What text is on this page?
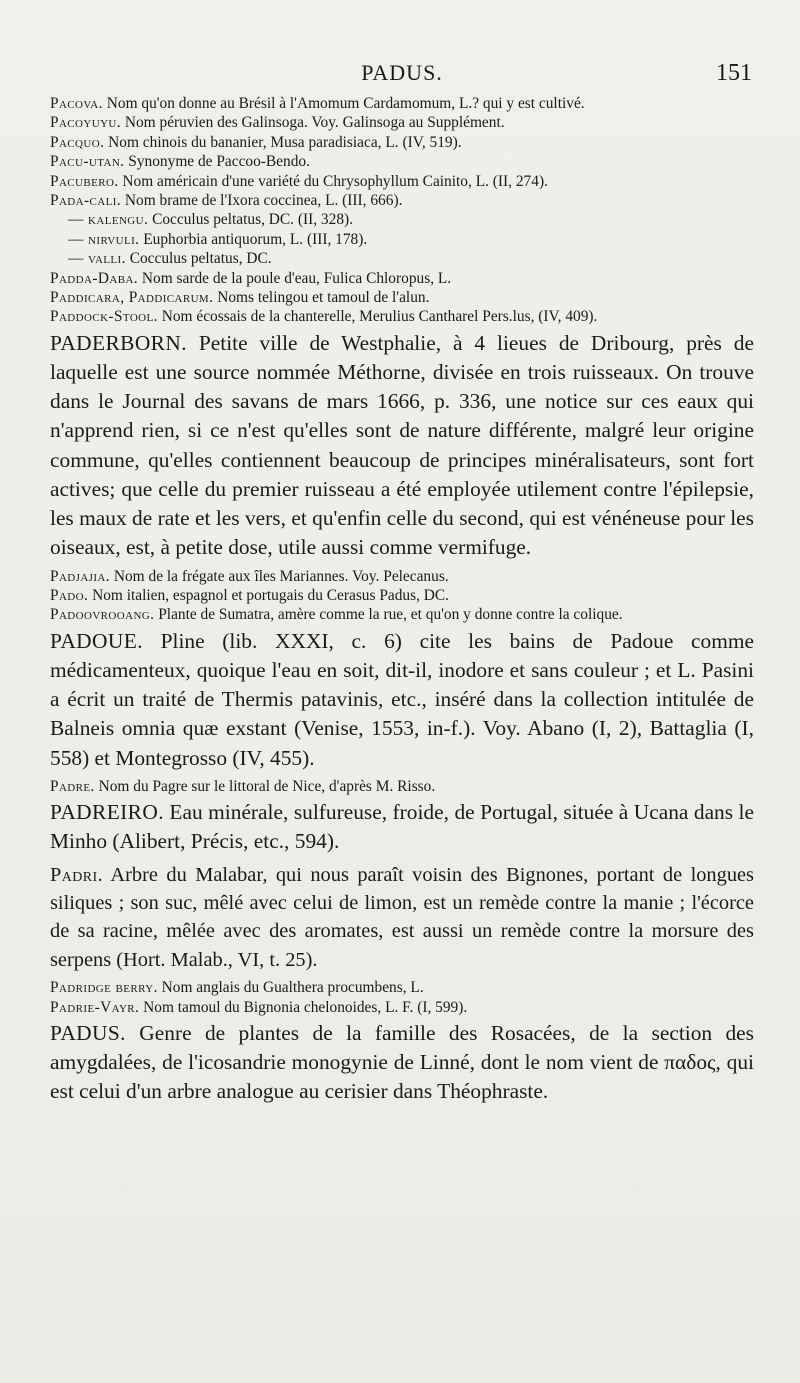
PADUS.	151

Pacova. Nom qu'on donne au Brésil à l'Amomum Cardamomum, L.? qui y est cultivé.

Pacoyuyu. Nom péruvien des Galinsoga. Voy. Galinsoga au Supplément.

Pacquo. Nom chinois du bananier, Musa paradisiaca, L. (IV, 519).

Pacu-utan. Synonyme de Paccoo-Bendo.

Pacubero. Nom américain d'une variété du Chrysophyllum Cainito, L. (II, 274).

Pada-cali. Nom brame de l'Ixora coccinea, L. (III, 666).

— kalengu. Cocculus peltatus, DC. (II, 328).

— nirvuli. Euphorbia antiquorum, L. (III, 178).

— valli. Cocculus peltatus, DC.

Padda-Daba. Nom sarde de la poule d'eau, Fulica Chloropus, L.

Paddicara, Paddicarum. Noms telingou et tamoul de l'alun.

Paddock-Stool. Nom écossais de la chanterelle, Merulius Cantharel Pers.lus, (IV, 409).

PADERBORN. Petite ville de Westphalie, à 4 lieues de Dribourg, près de laquelle est une source nommée Méthorne, divisée en trois ruisseaux. On trouve dans le Journal des savans de mars 1666, p. 336, une notice sur ces eaux qui n'apprend rien, si ce n'est qu'elles sont de nature différente, malgré leur origine commune, qu'elles contiennent beaucoup de principes minéralisateurs, sont fort actives; que celle du premier ruisseau a été employée utilement contre l'épilepsie, les maux de rate et les vers, et qu'enfin celle du second, qui est vénéneuse pour les oiseaux, est, à petite dose, utile aussi comme vermifuge.

Padjajia. Nom de la frégate aux îles Mariannes. Voy. Pelecanus.

Pado. Nom italien, espagnol et portugais du Cerasus Padus, DC.

Padoovrooang. Plante de Sumatra, amère comme la rue, et qu'on y donne contre la colique.

PADOUE. Pline (lib. XXXI, c. 6) cite les bains de Padoue comme médicamenteux, quoique l'eau en soit, dit-il, inodore et sans couleur ; et L. Pasini a écrit un traité de Thermis patavinis, etc., inséré dans la collection intitulée de Balneis omnia quæ exstant (Venise, 1553, in-f.). Voy. Abano (I, 2), Battaglia (I, 558) et Montegrosso (IV, 455).

Padre. Nom du Pagre sur le littoral de Nice, d'après M. Risso.

PADREIRO. Eau minérale, sulfureuse, froide, de Portugal, située à Ucana dans le Minho (Alibert, Précis, etc., 594).

Padri. Arbre du Malabar, qui nous paraît voisin des Bignones, portant de longues siliques ; son suc, mêlé avec celui de limon, est un remède contre la manie ; l'écorce de sa racine, mêlée avec des aromates, est aussi un remède contre la morsure des serpens (Hort. Malab., VI, t. 25).

Padridge berry. Nom anglais du Gualthera procumbens, L.

Padrie-Vayr. Nom tamoul du Bignonia chelonoides, L. F. (I, 599).

PADUS. Genre de plantes de la famille des Rosacées, de la section des amygdalées, de l'icosandrie monogynie de Linné, dont le nom vient de παδος, qui est celui d'un arbre analogue au cerisier dans Théophraste.
